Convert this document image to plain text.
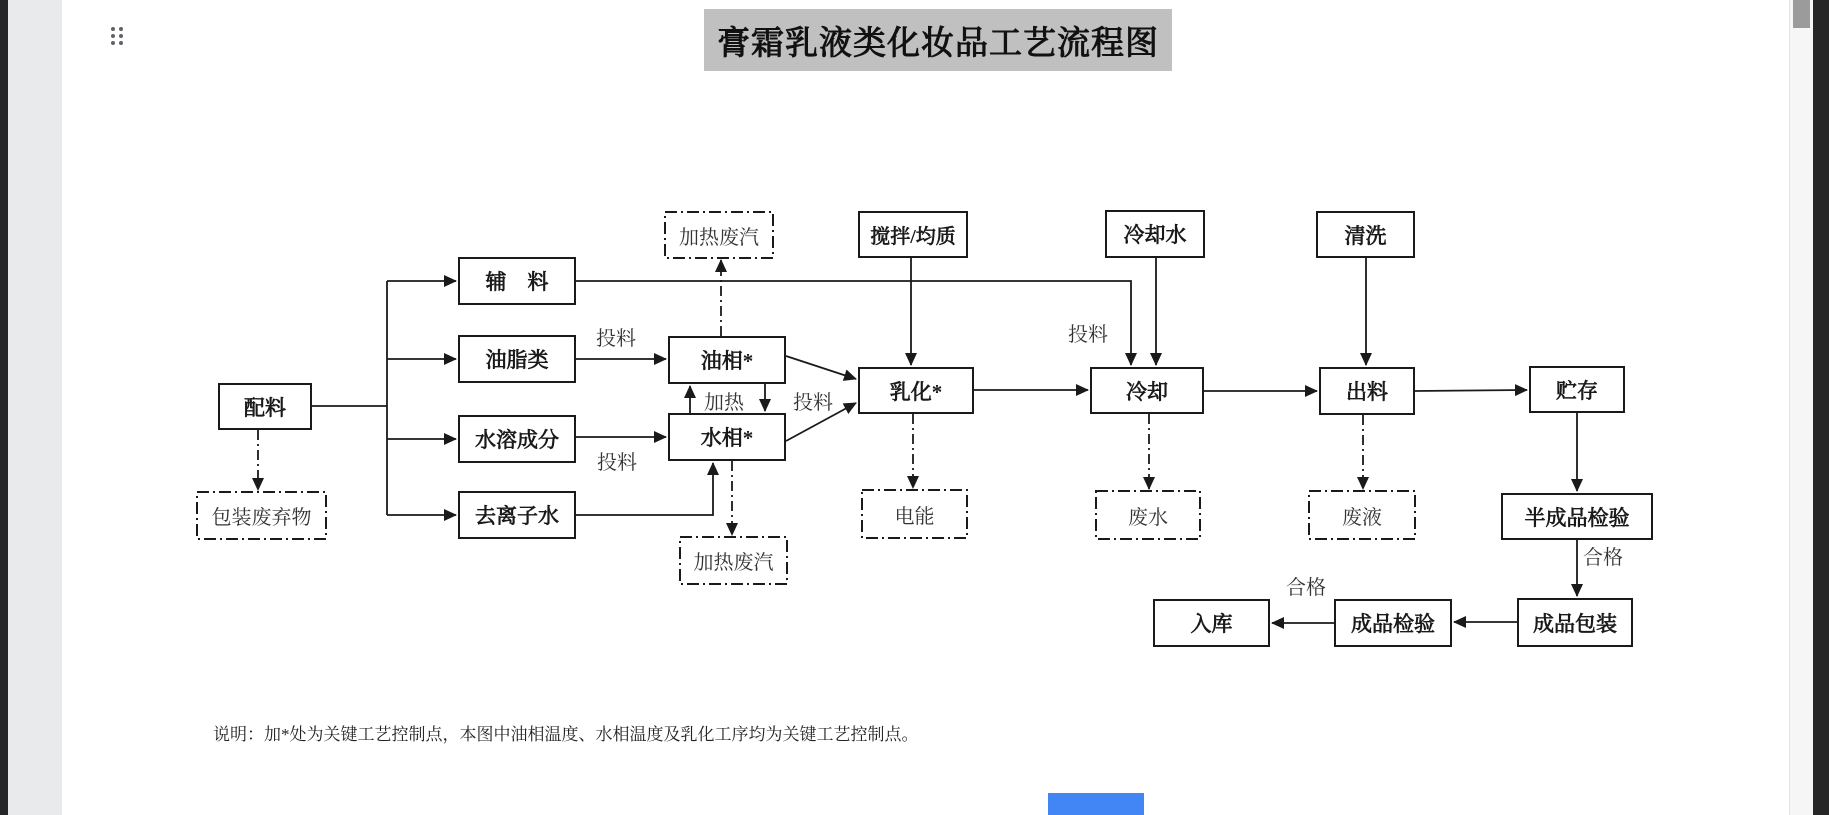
膏霜乳液类化妆品工艺流程图
配料
辅　料
油脂类
水溶成分
去离子水
油相*
水相*
乳化*
搅拌/均质	冷却水
冷却
清洗
出料	贮存
半成品检验
成品包装
成品检验
入库
包装废弃物
加热废汽
加热废汽
电能	废水	废液
投料
投料
加热 投料
投料
合格
合格
说明：加*处为关键工艺控制点，本图中油相温度、水相温度及乳化工序均为关键工艺控制点。
